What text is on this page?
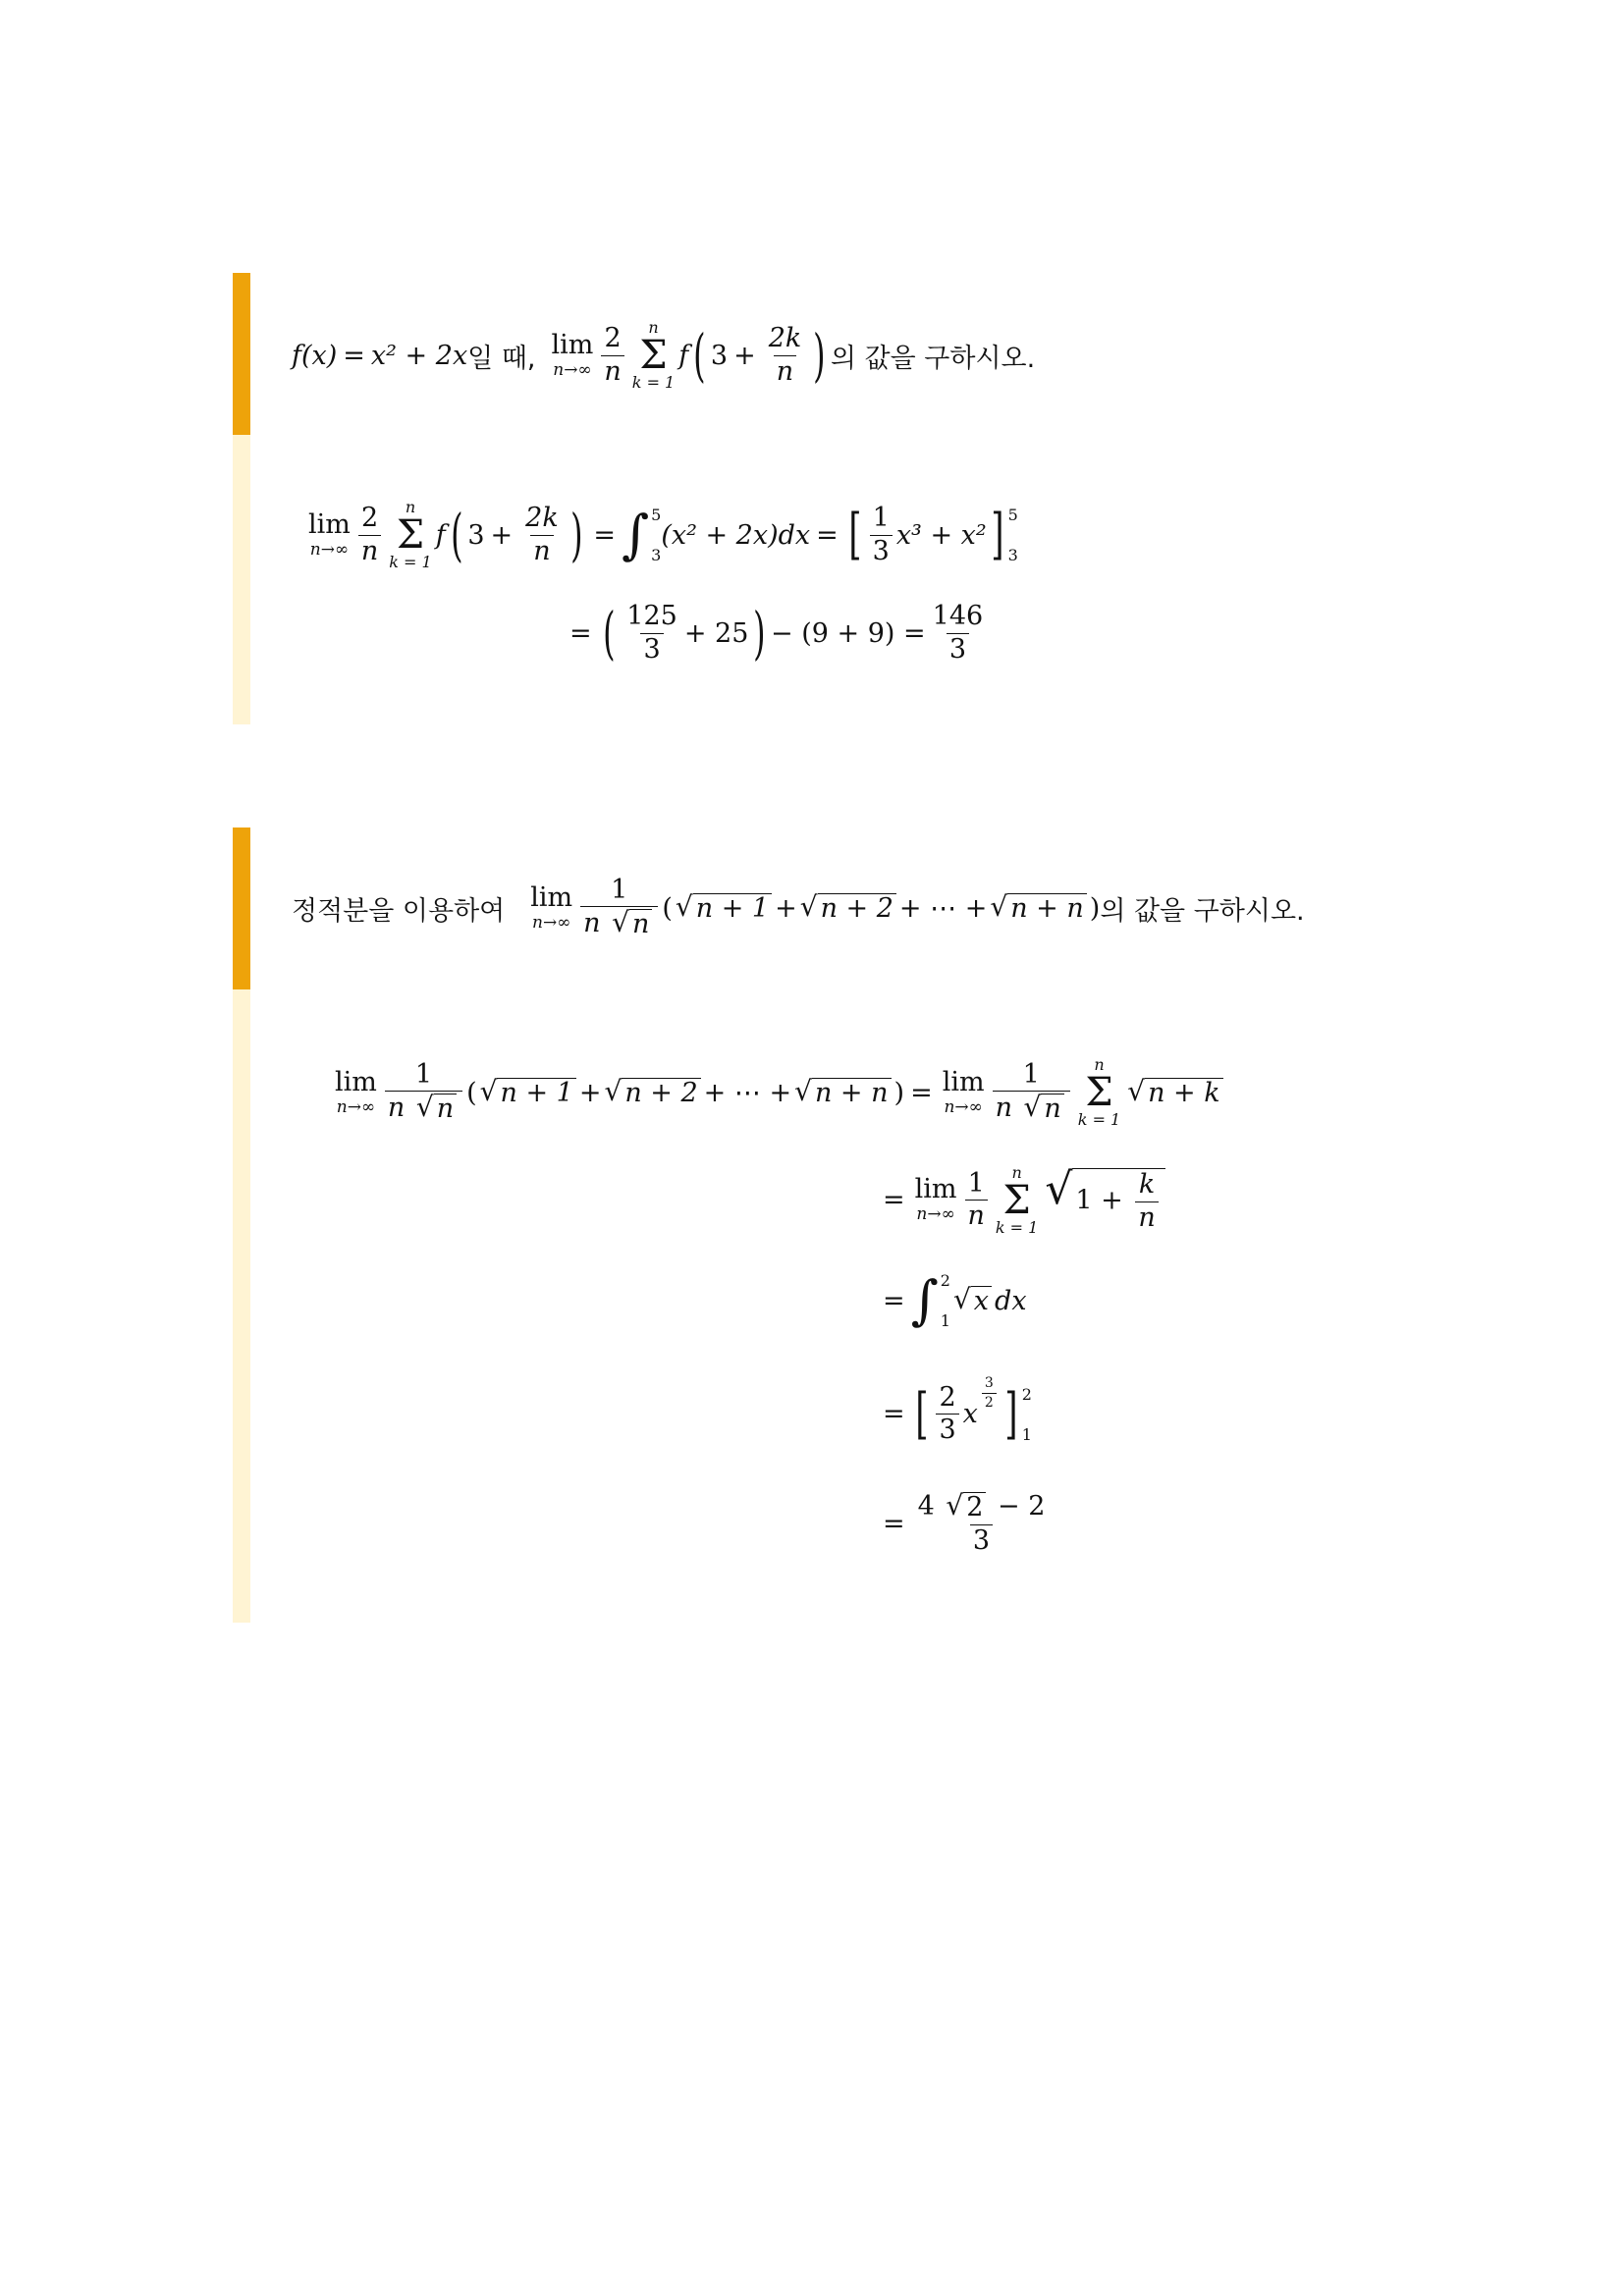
f(x) = x² + 2x 일 때, lim
$n\to\infty \frac{2}{n}$ n
Σ
k = 1
f ( $3 + \frac{2k}{n}$ ) 의 값을 구하시오.
lim
$n\to\infty \frac{2}{n}$ n
Σ
k = 1
f ( $3 + \frac{2k}{n}$ ) = ∫ 5
3
(x² + 2x)dx = [ $\frac{1}{3} x^3 + x^2$ ] 5
3
= ( $\frac{125}{3} + 25$ ) − $(9 + 9) = \frac{146}{3}$
정적분을 이용하여 lim
$n\to\infty \frac{1}{n √ n}$ ( √ n + 1 + √ n + 2 + ⋯ + √ n + n ) 의 값을 구하시오.
lim
$n\to\infty \frac{1}{n √ n}$ ( √ n + 1 + √ n + 2 + ⋯ + √ n + n ) = lim
$n\to\infty \frac{1}{n √ n}$ n
Σ
k = 1
√ n + k
= lim
$n\to\infty \frac{1}{n}$ n
Σ
k = 1
√ $1 + \frac{k}{n}$
= ∫ 2
1
√ x dx
= [ $\frac{2}{3}$ x
$\frac{3}{2}$ ] 2
1
= $\frac{4 √ 2 - 2}{3}$
